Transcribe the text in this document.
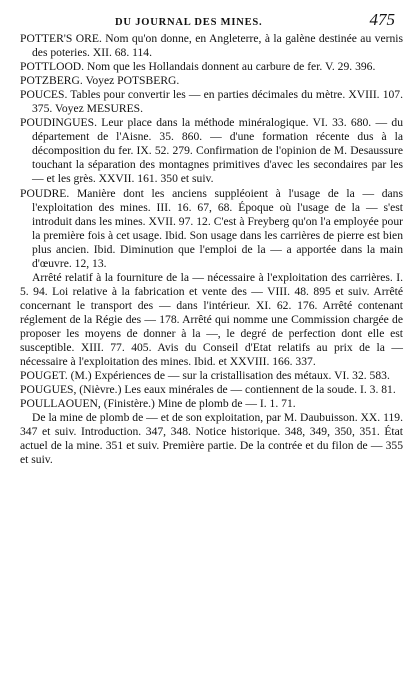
DU JOURNAL DES MINES.	475

POTTER'S ORE. Nom qu'on donne, en Angleterre, à la galène destinée au vernis des poteries. XII. 68. 114.

POTTLOOD. Nom que les Hollandais donnent au carbure de fer. V. 29. 396.

POTZBERG. Voyez POTSBERG.

POUCES. Tables pour convertir les — en parties décimales du mètre. XVIII. 107. 375. Voyez MESURES.

POUDINGUES. Leur place dans la méthode minéralogique. VI. 33. 680. — du département de l'Aisne. 35. 860. — d'une formation récente dus à la décomposition du fer. IX. 52. 279. Confirmation de l'opinion de M. Desaussure touchant la séparation des montagnes primitives d'avec les secondaires par les — et les grès. XXVII. 161. 350 et suiv.

POUDRE. Manière dont les anciens suppléoient à l'usage de la — dans l'exploitation des mines. III. 16. 67, 68. Époque où l'usage de la — s'est introduit dans les mines. XVII. 97. 12. C'est à Freyberg qu'on l'a employée pour la première fois à cet usage. Ibid. Son usage dans les carrières de pierre est bien plus ancien. Ibid. Diminution que l'emploi de la — a apportée dans la main d'œuvre. 12, 13.

Arrêté relatif à la fourniture de la — nécessaire à l'exploitation des carrières. I. 5. 94. Loi relative à la fabrication et vente des — VIII. 48. 895 et suiv. Arrêté concernant le transport des — dans l'intérieur. XI. 62. 176. Arrêté contenant réglement de la Régie des — 178. Arrêté qui nomme une Commission chargée de proposer les moyens de donner à la —, le degré de perfection dont elle est susceptible. XIII. 77. 405. Avis du Conseil d'Etat relatifs au prix de la — nécessaire à l'exploitation des mines. Ibid. et XXVIII. 166. 337.

POUGET. (M.) Expériences de — sur la cristallisation des métaux. VI. 32. 583.

POUGUES, (Nièvre.) Les eaux minérales de — contiennent de la soude. I. 3. 81.

POULLAOUEN, (Finistère.) Mine de plomb de — I. 1. 71.

De la mine de plomb de — et de son exploitation, par M. Daubuisson. XX. 119. 347 et suiv. Introduction. 347, 348. Notice historique. 348, 349, 350, 351. État actuel de la mine. 351 et suiv. Première partie. De la contrée et du filon de — 355 et suiv.
